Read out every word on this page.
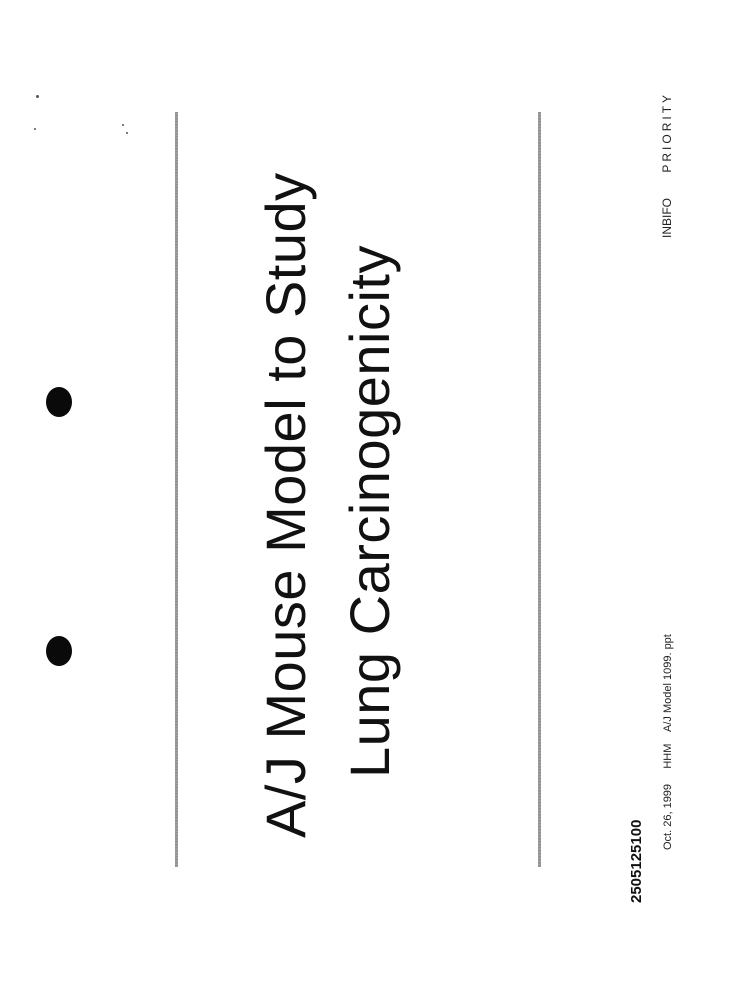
A/J Mouse Model to Study Lung Carcinogenicity
Oct. 26, 1999     HHM    A/J Model 1099. ppt
INBIFO    PRIORITY
2505125100
